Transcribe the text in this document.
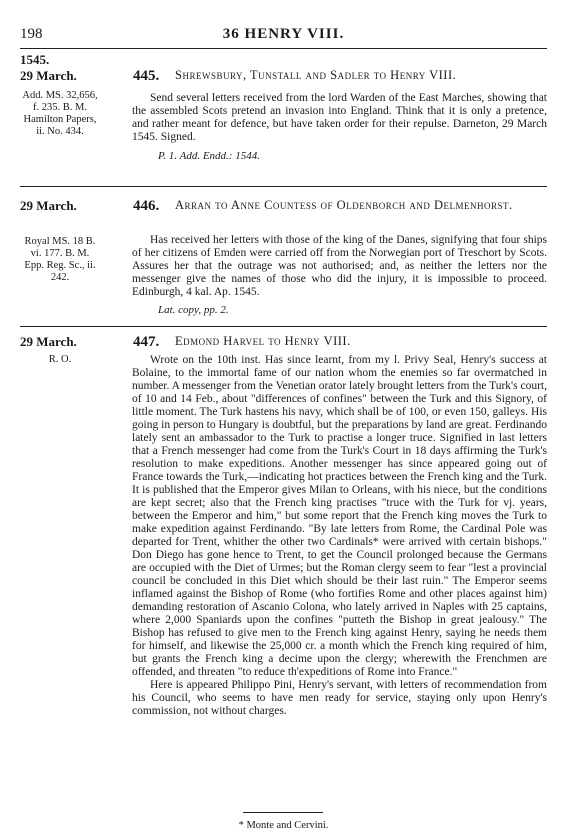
198	36 HENRY VIII.
1545.
29 March.	445. Shrewsbury, Tunstall and Sadler to Henry VIII.
Add. MS. 32,656, f. 235. B. M. Hamilton Papers, ii. No. 434.

Send several letters received from the lord Warden of the East Marches, showing that the assembled Scots pretend an invasion into England. Think that it is only a pretence, and rather meant for defence, but have taken order for their repulse. Darneton, 29 March 1545. Signed.

P. 1. Add. Endd.: 1544.
29 March.	446. Arran to Anne Countess of Oldenborch and Delmenhorst.
Royal MS. 18 B. vi. 177. B. M. Epp. Reg. Sc., ii. 242.

Has received her letters with those of the king of the Danes, signifying that four ships of her citizens of Emden were carried off from the Norwegian port of Treschort by Scots. Assures her that the outrage was not authorised; and, as neither the letters nor the messenger give the names of those who did the injury, it is impossible to proceed. Edinburgh, 4 kal. Ap. 1545.

Lat. copy, pp. 2.
29 March.	447. Edmond Harvel to Henry VIII.
R. O.	Wrote on the 10th inst. Has since learnt, from my l. Privy Seal, Henry's success at Bolaine, to the immortal fame of our nation whom the enemies so far overmatched in number. A messenger from the Venetian orator lately brought letters from the Turk's court, of 10 and 14 Feb., about "differences of confines" between the Turk and this Signory, of little moment. The Turk hastens his navy, which shall be of 100, or even 150, galleys. His going in person to Hungary is doubtful, but the preparations by land are great. Ferdinando lately sent an ambassador to the Turk to practise a longer truce. Signified in last letters that a French messenger had come from the Turk's Court in 18 days affirming the Turk's resolution to make expeditions. Another messenger has since appeared going out of France towards the Turk,—indicating hot practices between the French king and the Turk. It is published that the Emperor gives Milan to Orleans, with his niece, but the conditions are kept secret; also that the French king practises "truce with the Turk for vj. years, between the Emperor and him," but some report that the French king moves the Turk to make expedition against Ferdinando. "By late letters from Rome, the Cardinal Pole was departed for Trent, whither the other two Cardinals* were arrived with certain bishops." Don Diego has gone hence to Trent, to get the Council prolonged because the Germans are occupied with the Diet of Urmes; but the Roman clergy seem to fear "lest a provincial council be concluded in this Diet which should be their last ruin." The Emperor seems inflamed against the Bishop of Rome (who fortifies Rome and other places against him) demanding restoration of Ascanio Colona, who lately arrived in Naples with 25 captains, where 2,000 Spaniards upon the confines "putteth the Bishop in great jealousy." The Bishop has refused to give men to the French king against Henry, saying he needs them for himself, and likewise the 25,000 cr. a month which the French king required of him, but grants the French king a decime upon the clergy; wherewith the Frenchmen are offended, and threaten "to reduce th'expeditions of Rome into France."

Here is appeared Philippo Pini, Henry's servant, with letters of recommendation from his Council, who seems to have men ready for service, staying only upon Henry's commission, not without charges.

* Monte and Cervini.
